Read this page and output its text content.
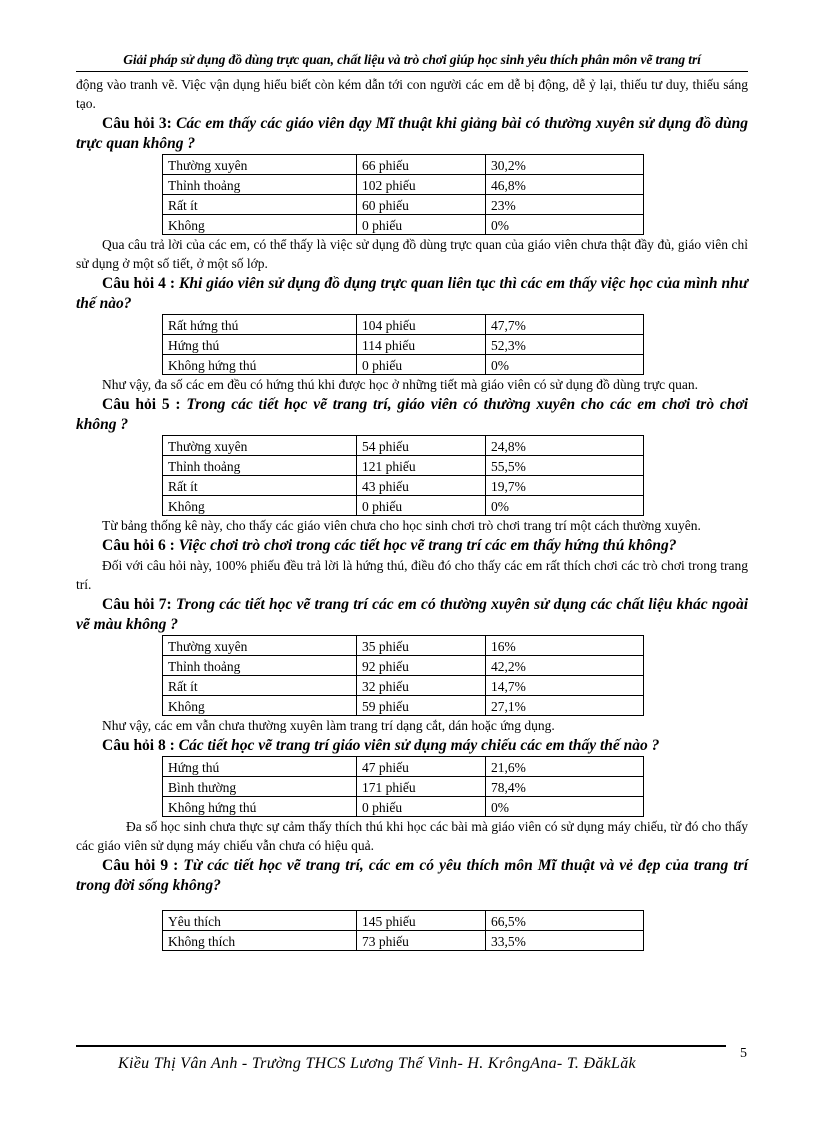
Giải pháp sử dụng đồ dùng trực quan, chất liệu và trò chơi giúp học sinh yêu thích phân môn vẽ trang trí

động vào tranh vẽ. Việc vận dụng hiểu biết còn kém dẫn tới con người các em dễ bị động, dễ ỷ lại, thiếu tư duy, thiếu sáng tạo.

Câu hỏi 3: Các em thấy các giáo viên dạy Mĩ thuật khi giảng bài có thường xuyên sử dụng đồ dùng trực quan không ?
Thường xuyên	66 phiếu	30,2%
Thỉnh thoảng	102 phiếu	46,8%
Rất ít	60 phiếu	23%
Không	0 phiếu	0%

Qua câu trả lời của các em, có thể thấy là việc sử dụng đồ dùng trực quan của giáo viên chưa thật đầy đủ, giáo viên chỉ sử dụng ở một số tiết, ở một số lớp.

Câu hỏi 4 : Khi giáo viên sử dụng đồ dụng trực quan liên tục thì các em thấy việc học của mình như thế nào?
Rất hứng thú	104 phiếu	47,7%
Hứng thú	114 phiếu	52,3%
Không hứng thú	0 phiếu	0%

Như vậy, đa số các em đều có hứng thú khi được học ở những tiết mà giáo viên có sử dụng đồ dùng trực quan.

Câu hỏi 5 : Trong các tiết học vẽ trang trí, giáo viên có thường xuyên cho các em chơi trò chơi không ?
Thường xuyên	54 phiếu	24,8%
Thỉnh thoảng	121 phiếu	55,5%
Rất ít	43 phiếu	19,7%
Không	0 phiếu	0%

Từ bảng thống kê này, cho thấy các giáo viên chưa cho học sinh chơi trò chơi trang trí một cách thường xuyên.

Câu hỏi 6 : Việc chơi trò chơi trong các tiết học vẽ trang trí các em thấy hứng thú không?

Đối với câu hỏi này, 100% phiếu đều trả lời là hứng thú, điều đó cho thấy các em rất thích chơi các trò chơi trong trang trí.

Câu hỏi 7: Trong các tiết học vẽ trang trí các em có thường xuyên sử dụng các chất liệu khác ngoài vẽ màu không ?
Thường xuyên	35 phiếu	16%
Thỉnh thoảng	92 phiếu	42,2%
Rất ít	32 phiếu	14,7%
Không	59 phiếu	27,1%

Như vậy, các em vẫn chưa thường xuyên làm trang trí dạng cắt, dán hoặc ứng dụng.

Câu hỏi 8 : Các tiết học vẽ trang trí giáo viên sử dụng máy chiếu các em thấy thế nào ?
Hứng thú	47 phiếu	21,6%
Bình thường	171 phiếu	78,4%
Không hứng thú	0 phiếu	0%

Đa số học sinh chưa thực sự cảm thấy thích thú khi học các bài mà giáo viên có sử dụng máy chiếu, từ đó cho thấy các giáo viên sử dụng máy chiếu vẫn chưa có hiệu quả.

Câu hỏi 9 : Từ các tiết học vẽ trang trí, các em có yêu thích môn Mĩ thuật và vẻ đẹp của trang trí trong đời sống không?
Yêu thích	145 phiếu	66,5%
Không thích	73 phiếu	33,5%
Kiều Thị Vân Anh - Trường THCS Lương Thế Vinh- H. KrôngAna- T. ĐăkLăk
5
